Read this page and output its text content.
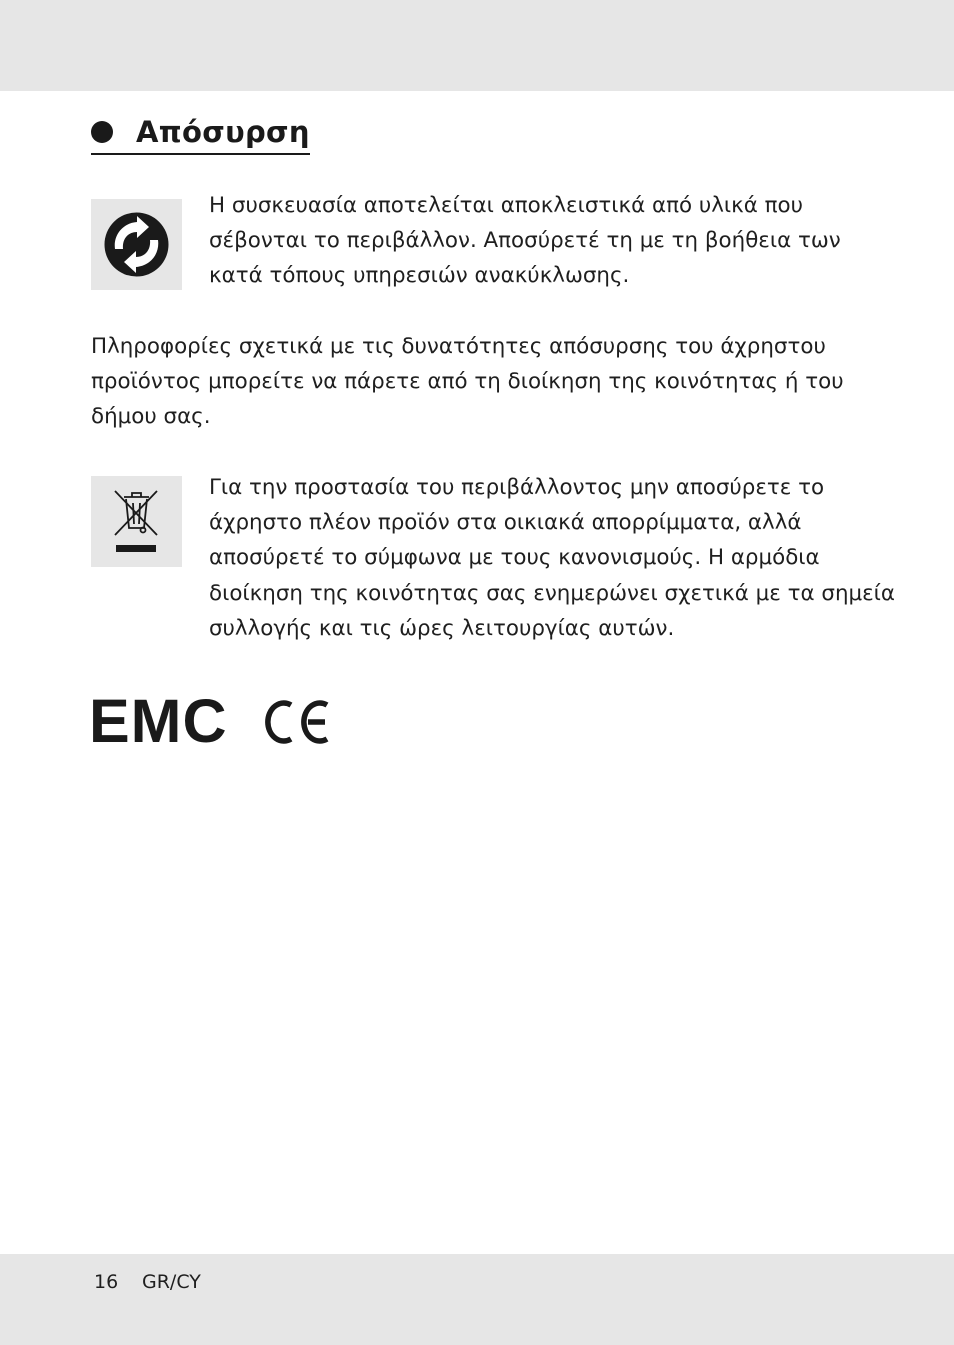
Απόσυρση
Η συσκευασία αποτελείται αποκλειστικά από υλικά που
σέβονται το περιβάλλον. Αποσύρετέ τη με τη βοήθεια των
κατά τόπους υπηρεσιών ανακύκλωσης.
Πληροφορίες σχετικά με τις δυνατότητες απόσυρσης του άχρηστου
προϊόντος μπορείτε να πάρετε από τη διοίκηση της κοινότητας ή του
δήμου σας.
Για την προστασία του περιβάλλοντος μην αποσύρετε το
άχρηστο πλέον προϊόν στα οικιακά απορρίμματα, αλλά
αποσύρετέ το σύμφωνα με τους κανονισμούς. Η αρμόδια
διοίκηση της κοινότητας σας ενημερώνει σχετικά με τα σημεία
συλλογής και τις ώρες λειτουργίας αυτών.
EMC
16 GR/CY
